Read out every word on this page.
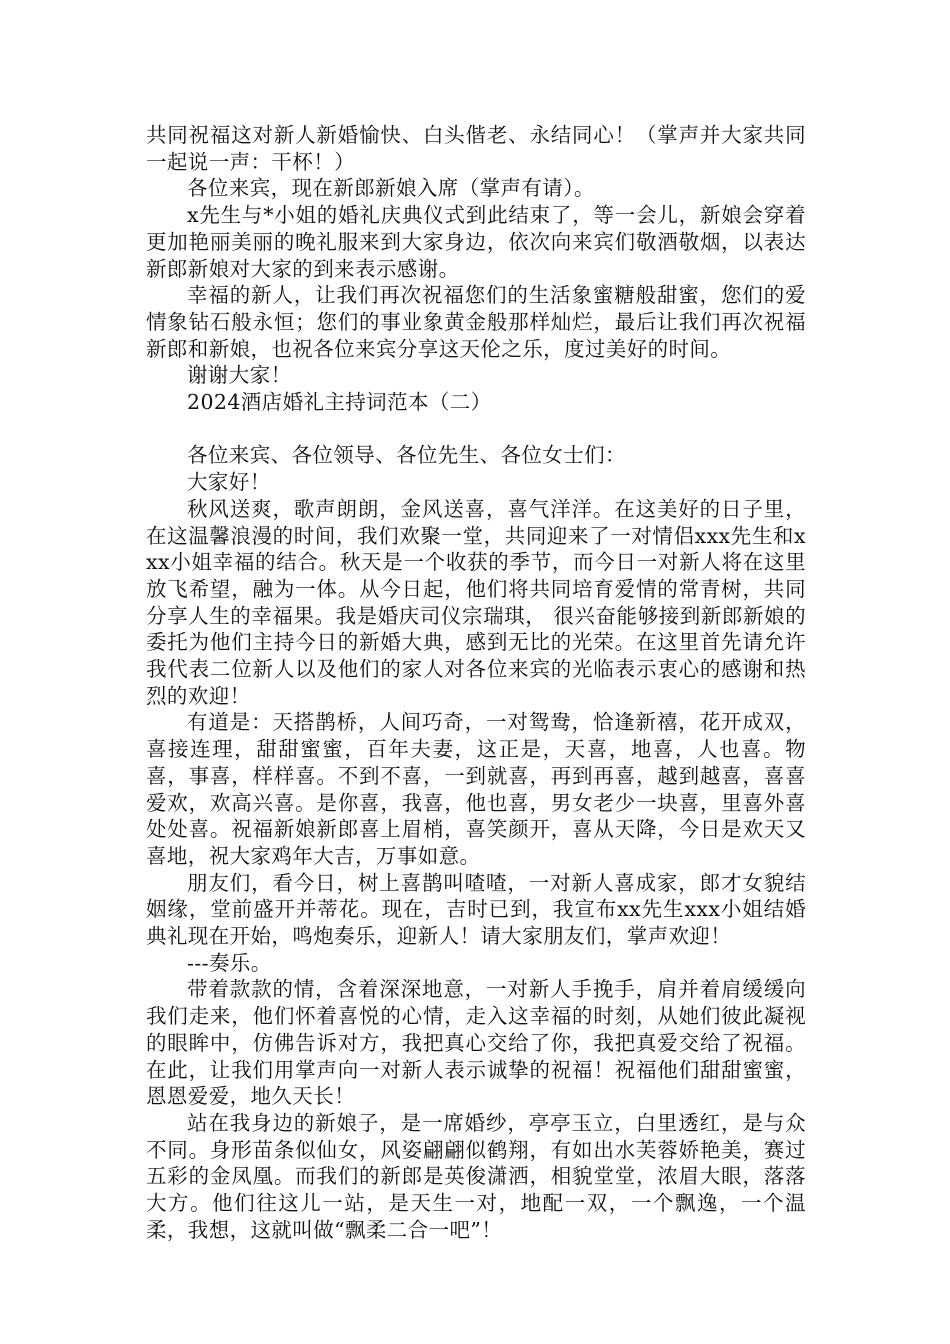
共同祝福这对新人新婚愉快、白头偕老、永结同心！（掌声并大家共同一起说一声：干杯！）

各位来宾，现在新郎新娘入席（掌声有请）。

x先生与*小姐的婚礼庆典仪式到此结束了，等一会儿，新娘会穿着更加艳丽美丽的晚礼服来到大家身边，依次向来宾们敬酒敬烟，以表达新郎新娘对大家的到来表示感谢。

幸福的新人，让我们再次祝福您们的生活象蜜糖般甜蜜，您们的爱情象钻石般永恒；您们的事业象黄金般那样灿烂，最后让我们再次祝福新郎和新娘，也祝各位来宾分享这天伦之乐，度过美好的时间。

谢谢大家！

2024酒店婚礼主持词范本（二）

各位来宾、各位领导、各位先生、各位女士们：

大家好！

秋风送爽，歌声朗朗，金风送喜，喜气洋洋。在这美好的日子里，在这温馨浪漫的时间，我们欢聚一堂，共同迎来了一对情侣xxx先生和xxx小姐幸福的结合。秋天是一个收获的季节，而今日一对新人将在这里放飞希望，融为一体。从今日起，他们将共同培育爱情的常青树，共同分享人生的幸福果。我是婚庆司仪宗瑞琪， 很兴奋能够接到新郎新娘的委托为他们主持今日的新婚大典，感到无比的光荣。在这里首先请允许我代表二位新人以及他们的家人对各位来宾的光临表示衷心的感谢和热烈的欢迎！

有道是：天搭鹊桥，人间巧奇，一对鸳鸯，恰逢新禧，花开成双，喜接连理，甜甜蜜蜜，百年夫妻，这正是，天喜，地喜，人也喜。物喜，事喜，样样喜。不到不喜，一到就喜，再到再喜，越到越喜，喜喜爱欢，欢高兴喜。是你喜，我喜，他也喜，男女老少一块喜，里喜外喜处处喜。祝福新娘新郎喜上眉梢，喜笑颜开，喜从天降，今日是欢天又喜地，祝大家鸡年大吉，万事如意。

朋友们，看今日，树上喜鹊叫喳喳，一对新人喜成家，郎才女貌结姻缘，堂前盛开并蒂花。现在，吉时已到，我宣布xx先生xxx小姐结婚典礼现在开始，鸣炮奏乐，迎新人！请大家朋友们，掌声欢迎！

---奏乐。

带着款款的情，含着深深地意，一对新人手挽手，肩并着肩缓缓向我们走来，他们怀着喜悦的心情，走入这幸福的时刻，从她们彼此凝视的眼眸中，仿佛告诉对方，我把真心交给了你，我把真爱交给了祝福。在此，让我们用掌声向一对新人表示诚挚的祝福！祝福他们甜甜蜜蜜，恩恩爱爱，地久天长！

站在我身边的新娘子，是一席婚纱，亭亭玉立，白里透红，是与众不同。身形苗条似仙女，风姿翩翩似鹤翔，有如出水芙蓉娇艳美，赛过五彩的金凤凰。而我们的新郎是英俊潇洒，相貌堂堂，浓眉大眼，落落大方。他们往这儿一站，是天生一对，地配一双，一个飘逸，一个温柔，我想，这就叫做“飘柔二合一吧”！
